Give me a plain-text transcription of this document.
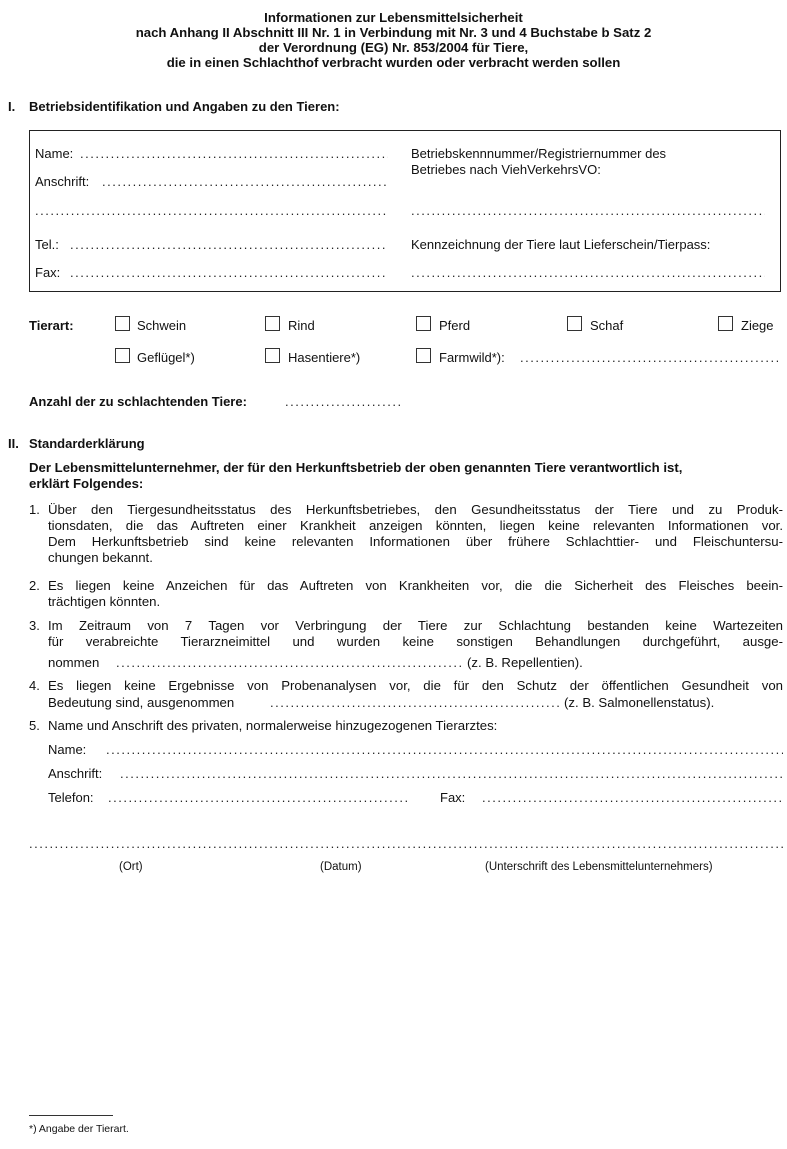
Informationen zur Lebensmittelsicherheit
nach Anhang II Abschnitt III Nr. 1 in Verbindung mit Nr. 3 und 4 Buchstabe b Satz 2
der Verordnung (EG) Nr. 853/2004 für Tiere,
die in einen Schlachthof verbracht wurden oder verbracht werden sollen
I. Betriebsidentifikation und Angaben zu den Tieren:
Name:
.....
Anschrift:
.....
.....
Tel.:
.....
Fax:
.....
Betriebskennnummer/Registriernummer des
Betriebes nach ViehVerkehrsVO:
.....
Kennzeichnung der Tiere laut Lieferschein/Tierpass:
.....
Tierart:	Schwein	Rind	Pferd	Schaf	Ziege
Geflügel*)	Hasentiere*)	Farmwild*):
.....
Anzahl der zu schlachtenden Tiere:
.....
II. Standarderklärung
Der Lebensmittelunternehmer, der für den Herkunftsbetrieb der oben genannten Tiere verantwortlich ist,
erklärt Folgendes:
1. Über den Tiergesundheitsstatus des Herkunftsbetriebes, den Gesundheitsstatus der Tiere und zu Produk-
tionsdaten, die das Auftreten einer Krankheit anzeigen könnten, liegen keine relevanten Informationen vor.
Dem Herkunftsbetrieb sind keine relevanten Informationen über frühere Schlachttier- und Fleischuntersu-
chungen bekannt.
2. Es liegen keine Anzeichen für das Auftreten von Krankheiten vor, die die Sicherheit des Fleisches beein-
trächtigen könnten.
3. Im Zeitraum von 7 Tagen vor Verbringung der Tiere zur Schlachtung bestanden keine Wartezeiten
für verabreichte Tierarzneimittel und wurden keine sonstigen Behandlungen durchgeführt, ausge-
nommen .....	(z. B. Repellentien).
4. Es liegen keine Ergebnisse von Probenanalysen vor, die für den Schutz der öffentlichen Gesundheit von
Bedeutung sind, ausgenommen .....	(z. B. Salmonellenstatus).
5. Name und Anschrift des privaten, normalerweise hinzugezogenen Tierarztes:
Name:
.....
Anschrift:
.....
Telefon: .....	Fax:
.....
.....
(Ort)	(Datum)	(Unterschrift des Lebensmittelunternehmers)
*) Angabe der Tierart.
